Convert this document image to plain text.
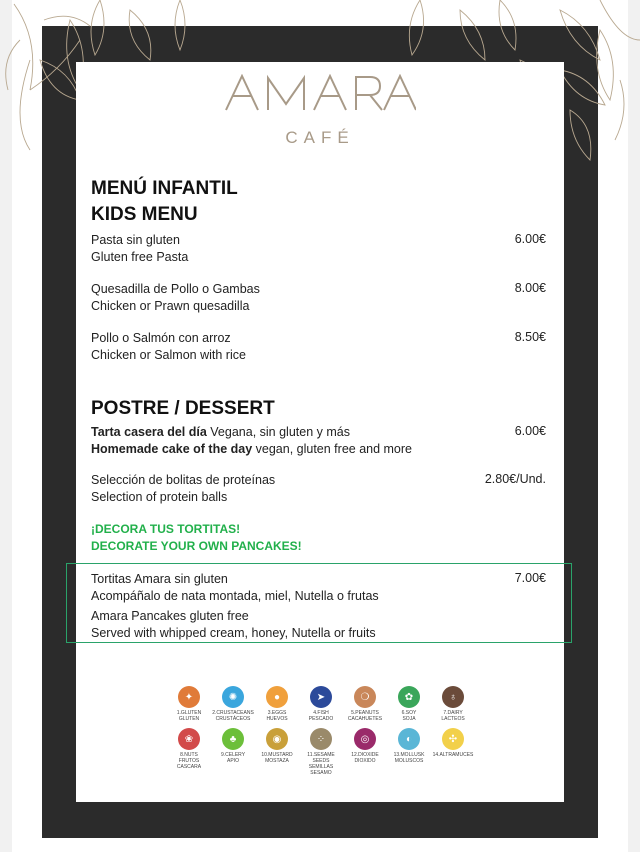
AMARA
CAFÉ
MENÚ INFANTIL
KIDS MENU
Pasta sin gluten
Gluten free Pasta
6.00€
Quesadilla de Pollo o Gambas
Chicken or Prawn quesadilla
8.00€
Pollo o Salmón con arroz
Chicken or Salmon with rice
8.50€
POSTRE / DESSERT
Tarta casera del día Vegana, sin gluten y más
Homemade cake of the day vegan, gluten free and more
6.00€
Selección de bolitas de proteínas
Selection of protein balls
2.80€/Und.
¡DECORA TUS TORTITAS!
DECORATE YOUR OWN PANCAKES!
Tortitas Amara sin gluten
Acompáñalo de nata montada, miel, Nutella o frutas
Amara Pancakes gluten free
Served with whipped cream, honey, Nutella or fruits
7.00€
✦
1.GLUTEN
GLUTEN
✺
2.CRUSTACEANS
CRUSTÁCEOS
●
3.EGGS
HUEVOS
➤
4.FISH
PESCADO
❍
5.PEANUTS
CACAHUETES
✿
6.SOY
SOJA
♁
7.DAIRY
LACTEOS
❀
8.NUTS
FRUTOS
CASCARA
♣
9.CELERY
APIO
◉
10.MUSTARD
MOSTAZA
⁘
11.SESAME
SEEDS
SEMILLAS
SESAMO
◎
12.DIOXIDE
DIOXIDO
◐
13.MOLLUSK
MOLUSCOS
✣
14.ALTRAMUCES
